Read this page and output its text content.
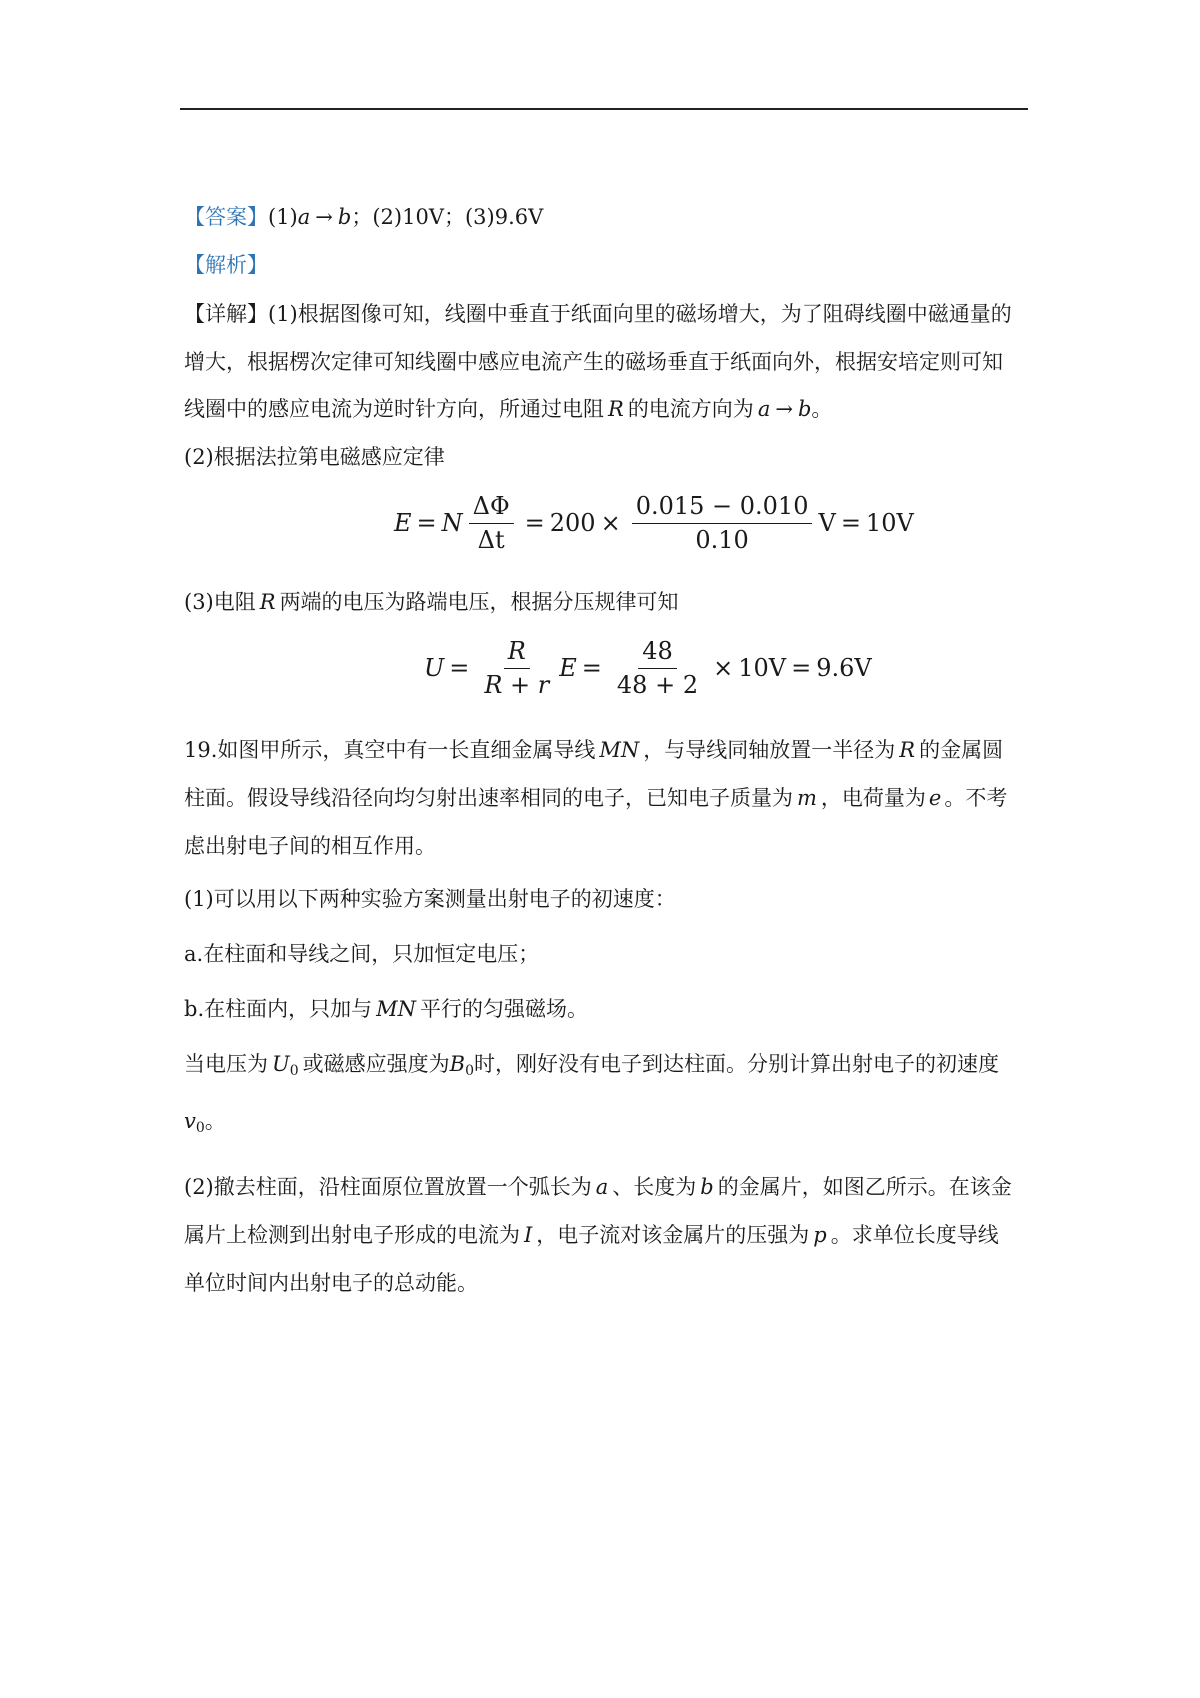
【答案】(1)a → b；(2)10V；(3)9.6V
【解析】
【详解】(1)根据图像可知，线圈中垂直于纸面向里的磁场增大，为了阻碍线圈中磁通量的
增大，根据楞次定律可知线圈中感应电流产生的磁场垂直于纸面向外，根据安培定则可知
线圈中的感应电流为逆时针方向，所通过电阻 R 的电流方向为 a → b。
(2)根据法拉第电磁感应定律
E = N $\frac{\Delta\Phi}{\Delta t} = 200 \times \frac{0.015 - 0.010}{0.10}$ V = 10V
(3)电阻 R 两端的电压为路端电压，根据分压规律可知
$U = \frac{R}{R + r}$ $E = \frac{48}{48 + 2} \times 10V = 9.6V$
19.如图甲所示，真空中有一长直细金属导线 MN ，与导线同轴放置一半径为 R 的金属圆
柱面。假设导线沿径向均匀射出速率相同的电子，已知电子质量为 m ，电荷量为 e 。不考
虑出射电子间的相互作用。
(1)可以用以下两种实验方案测量出射电子的初速度：
a.在柱面和导线之间，只加恒定电压；
b.在柱面内，只加与 MN 平行的匀强磁场。
当电压为 $U_0$ 或磁感应强度为$B_0$时，刚好没有电子到达柱面。分别计算出射电子的初速度
$v_0$。
(2)撤去柱面，沿柱面原位置放置一个弧长为 a 、长度为 b 的金属片，如图乙所示。在该金
属片上检测到出射电子形成的电流为 I ，电子流对该金属片的压强为 p 。求单位长度导线
单位时间内出射电子的总动能。
